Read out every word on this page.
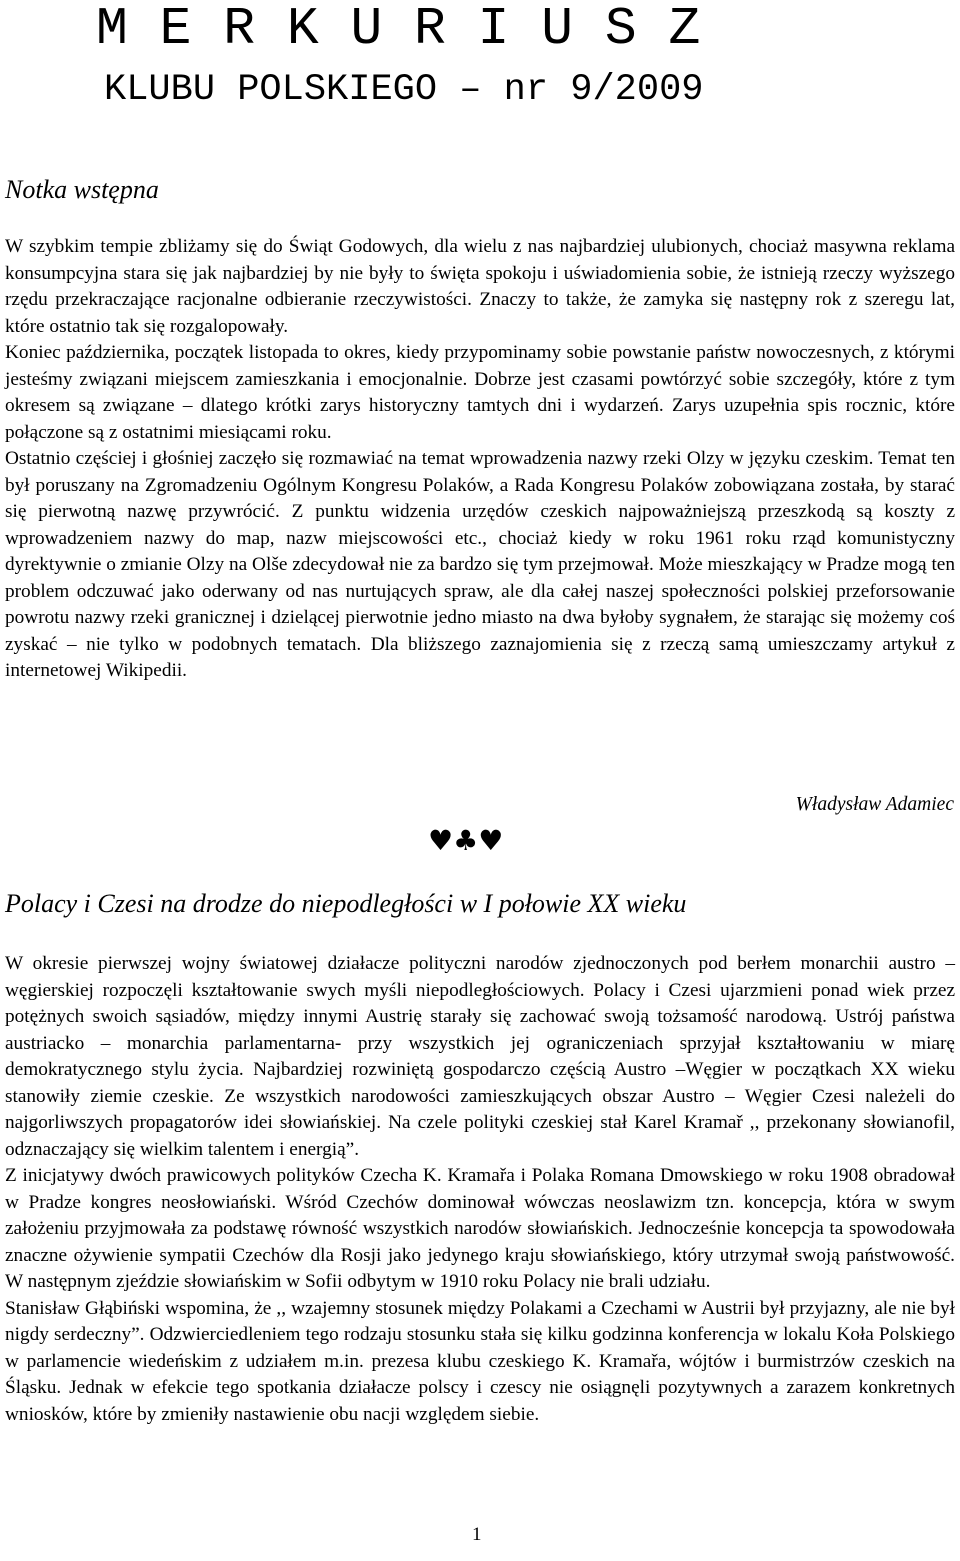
M E R K U R I U S Z
KLUBU POLSKIEGO – nr 9/2009
Notka wstępna

W szybkim tempie zbliżamy się do Świąt Godowych, dla wielu z nas najbardziej ulubionych, chociaż masywna reklama konsumpcyjna stara się jak najbardziej by nie były to święta spokoju i uświadomienia sobie, że istnieją rzeczy wyższego rzędu przekraczające racjonalne odbieranie rzeczywistości. Znaczy to także, że zamyka się następny rok z szeregu lat, które ostatnio tak się rozgalopowały.

Koniec października, początek listopada to okres, kiedy przypominamy sobie powstanie państw nowoczesnych, z którymi jesteśmy związani miejscem zamieszkania i emocjonalnie. Dobrze jest czasami powtórzyć sobie szczegóły, które z tym okresem są związane – dlatego krótki zarys historyczny tamtych dni i wydarzeń. Zarys uzupełnia spis rocznic, które połączone są z ostatnimi miesiącami roku.

Ostatnio częściej i głośniej zaczęło się rozmawiać na temat wprowadzenia nazwy rzeki Olzy w języku czeskim. Temat ten był poruszany na Zgromadzeniu Ogólnym Kongresu Polaków, a Rada Kongresu Polaków zobowiązana została, by starać się pierwotną nazwę przywrócić. Z punktu widzenia urzędów czeskich najpoważniejszą przeszkodą są koszty z wprowadzeniem nazwy do map, nazw miejscowości etc., chociaż kiedy w roku 1961 roku rząd komunistyczny dyrektywnie o zmianie Olzy na Olše zdecydował nie za bardzo się tym przejmował. Może mieszkający w Pradze mogą ten problem odczuwać jako oderwany od nas nurtujących spraw, ale dla całej naszej społeczności polskiej przeforsowanie powrotu nazwy rzeki granicznej i dzielącej pierwotnie jedno miasto na dwa byłoby sygnałem, że starając się możemy coś zyskać – nie tylko w podobnych tematach. Dla bliższego zaznajomienia się z rzeczą samą umieszczamy artykuł z internetowej Wikipedii.

Władysław Adamiec
♥♣♥
Polacy i Czesi na drodze do niepodległości w I połowie XX wieku

W okresie pierwszej wojny światowej działacze polityczni narodów zjednoczonych pod berłem monarchii austro – węgierskiej rozpoczęli kształtowanie swych myśli niepodległościowych. Polacy i Czesi ujarzmieni ponad wiek przez potężnych swoich sąsiadów, między innymi Austrię starały się zachować swoją tożsamość narodową. Ustrój państwa austriacko – monarchia parlamentarna- przy wszystkich jej ograniczeniach sprzyjał kształtowaniu w miarę demokratycznego stylu życia. Najbardziej rozwiniętą gospodarczo częścią Austro –Węgier w początkach XX wieku stanowiły ziemie czeskie. Ze wszystkich narodowości zamieszkujących obszar Austro – Węgier Czesi należeli do najgorliwszych propagatorów idei słowiańskiej. Na czele polityki czeskiej stał Karel Kramař ,, przekonany słowianofil, odznaczający się wielkim talentem i energią”.

Z inicjatywy dwóch prawicowych polityków Czecha K. Kramařa i Polaka Romana Dmowskiego w roku 1908 obradował w Pradze kongres neosłowiański. Wśród Czechów dominował wówczas neoslawizm tzn. koncepcja, która w swym założeniu przyjmowała za podstawę równość wszystkich narodów słowiańskich. Jednocześnie koncepcja ta spowodowała znaczne ożywienie sympatii Czechów dla Rosji jako jedynego kraju słowiańskiego, który utrzymał swoją państwowość. W następnym zjeździe słowiańskim w Sofii odbytym w 1910 roku Polacy nie brali udziału.

Stanisław Głąbiński wspomina, że ,, wzajemny stosunek między Polakami a Czechami w Austrii był przyjazny, ale nie był nigdy serdeczny”. Odzwierciedleniem tego rodzaju stosunku stała się kilku godzinna konferencja w lokalu Koła Polskiego w parlamencie wiedeńskim z udziałem m.in. prezesa klubu czeskiego K. Kramařa, wójtów i burmistrzów czeskich na Śląsku. Jednak w efekcie tego spotkania działacze polscy i czescy nie osiągnęli pozytywnych a zarazem konkretnych wniosków, które by zmieniły nastawienie obu nacji względem siebie.

1
